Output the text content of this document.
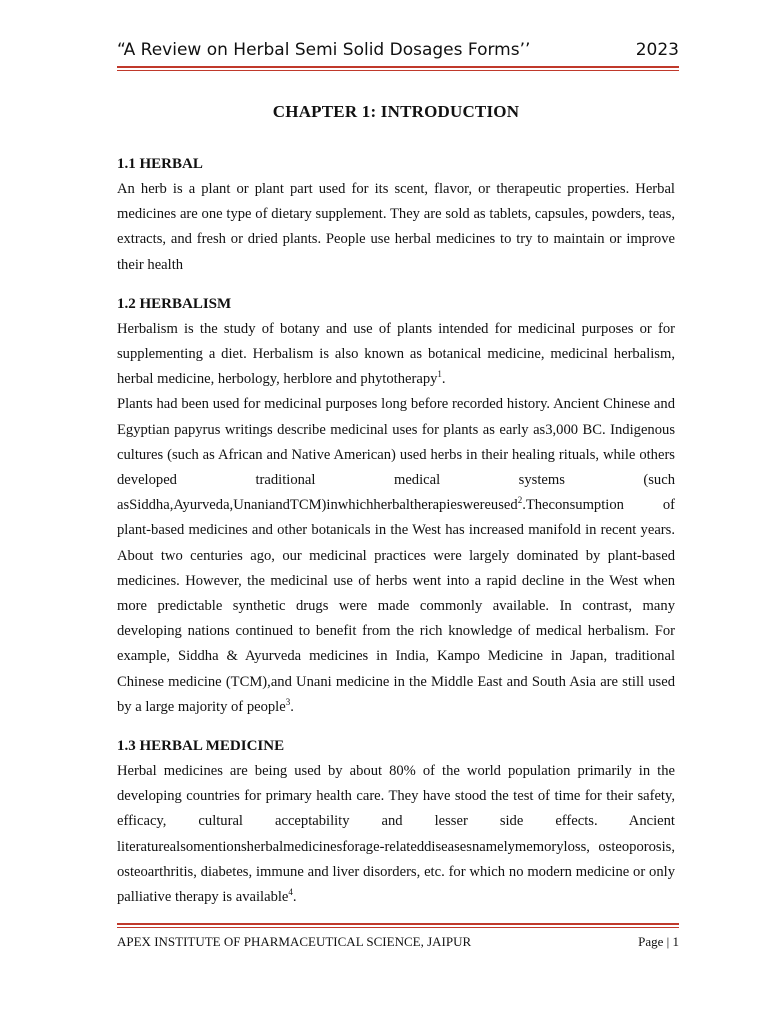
“A Review on Herbal Semi Solid Dosages Forms’’	2023
CHAPTER 1: INTRODUCTION
1.1 HERBAL

An herb is a plant or plant part used for its scent, flavor, or therapeutic properties. Herbal medicines are one type of dietary supplement. They are sold as tablets, capsules, powders, teas, extracts, and fresh or dried plants. People use herbal medicines to try to maintain or improve their health

1.2 HERBALISM

Herbalism is the study of botany and use of plants intended for medicinal purposes or for supplementing a diet. Herbalism is also known as botanical medicine, medicinal herbalism, herbal medicine, herbology, herblore and phytotherapy$^1$.

Plants had been used for medicinal purposes long before recorded history. Ancient Chinese and Egyptian papyrus writings describe medicinal uses for plants as early as3,000 BC. Indigenous cultures (such as African and Native American) used herbs in their healing rituals, while others developed traditional medical systems (such asSiddha,Ayurveda,UnaniandTCM)inwhichherbaltherapieswereused$^2$.Theconsumption of plant-based medicines and other botanicals in the West has increased manifold in recent years. About two centuries ago, our medicinal practices were largely dominated by plant-based medicines. However, the medicinal use of herbs went into a rapid decline in the West when more predictable synthetic drugs were made commonly available. In contrast, many developing nations continued to benefit from the rich knowledge of medical herbalism. For example, Siddha & Ayurveda medicines in India, Kampo Medicine in Japan, traditional Chinese medicine (TCM),and Unani medicine in the Middle East and South Asia are still used by a large majority of people$^3$.

1.3 HERBAL MEDICINE

Herbal medicines are being used by about 80% of the world population primarily in the developing countries for primary health care. They have stood the test of time for their safety, efficacy, cultural acceptability and lesser side effects. Ancient literaturealsomentionsherbalmedicinesforage-relateddiseasesnamelymemoryloss, osteoporosis, osteoarthritis, diabetes, immune and liver disorders, etc. for which no modern medicine or only palliative therapy is available$^4$.

APEX INSTITUTE OF PHARMACEUTICAL SCIENCE, JAIPUR	Page | 1
